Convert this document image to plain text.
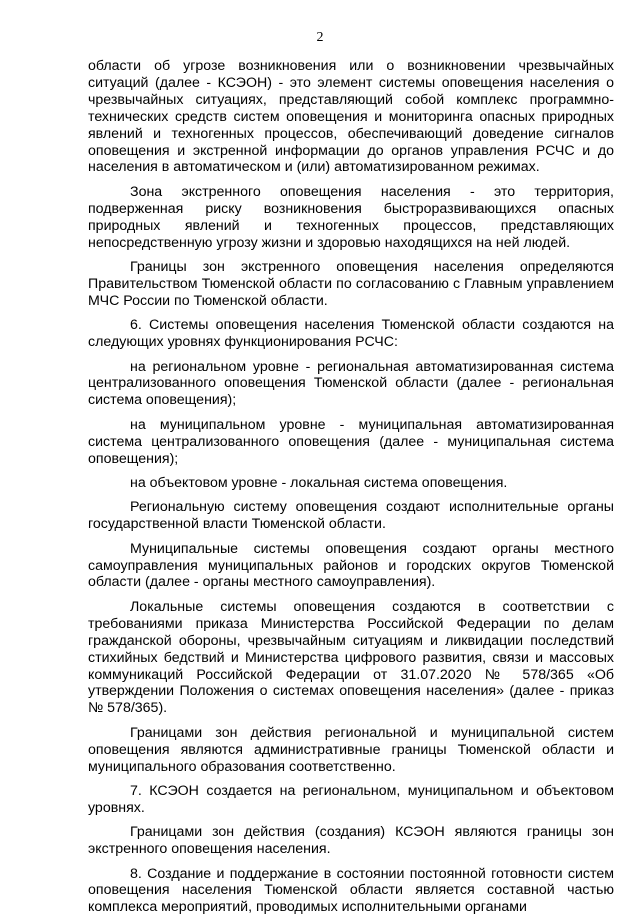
2

области об угрозе возникновения или о возникновении чрезвычайных ситуаций (далее - КСЭОН) - это элемент системы оповещения населения о чрезвычайных ситуациях, представляющий собой комплекс программно-технических средств систем оповещения и мониторинга опасных природных явлений и техногенных процессов, обеспечивающий доведение сигналов оповещения и экстренной информации до органов управления РСЧС и до населения в автоматическом и (или) автоматизированном режимах.

Зона экстренного оповещения населения - это территория, подверженная риску возникновения быстроразвивающихся опасных природных явлений и техногенных процессов, представляющих непосредственную угрозу жизни и здоровью находящихся на ней людей.

Границы зон экстренного оповещения населения определяются Правительством Тюменской области по согласованию с Главным управлением МЧС России по Тюменской области.

6. Системы оповещения населения Тюменской области создаются на следующих уровнях функционирования РСЧС:

на региональном уровне - региональная автоматизированная система централизованного оповещения Тюменской области (далее - региональная система оповещения);

на муниципальном уровне - муниципальная автоматизированная система централизованного оповещения (далее - муниципальная система оповещения);

на объектовом уровне - локальная система оповещения.

Региональную систему оповещения создают исполнительные органы государственной власти Тюменской области.

Муниципальные системы оповещения создают органы местного самоуправления муниципальных районов и городских округов Тюменской области (далее - органы местного самоуправления).

Локальные системы оповещения создаются в соответствии с требованиями приказа Министерства Российской Федерации по делам гражданской обороны, чрезвычайным ситуациям и ликвидации последствий стихийных бедствий и Министерства цифрового развития, связи и массовых коммуникаций Российской Федерации от 31.07.2020 № 578/365 «Об утверждении Положения о системах оповещения населения» (далее - приказ № 578/365).

Границами зон действия региональной и муниципальной систем оповещения являются административные границы Тюменской области и муниципального образования соответственно.

7. КСЭОН создается на региональном, муниципальном и объектовом уровнях.

Границами зон действия (создания) КСЭОН являются границы зон экстренного оповещения населения.

8. Создание и поддержание в состоянии постоянной готовности систем оповещения населения Тюменской области является составной частью комплекса мероприятий, проводимых исполнительными органами
